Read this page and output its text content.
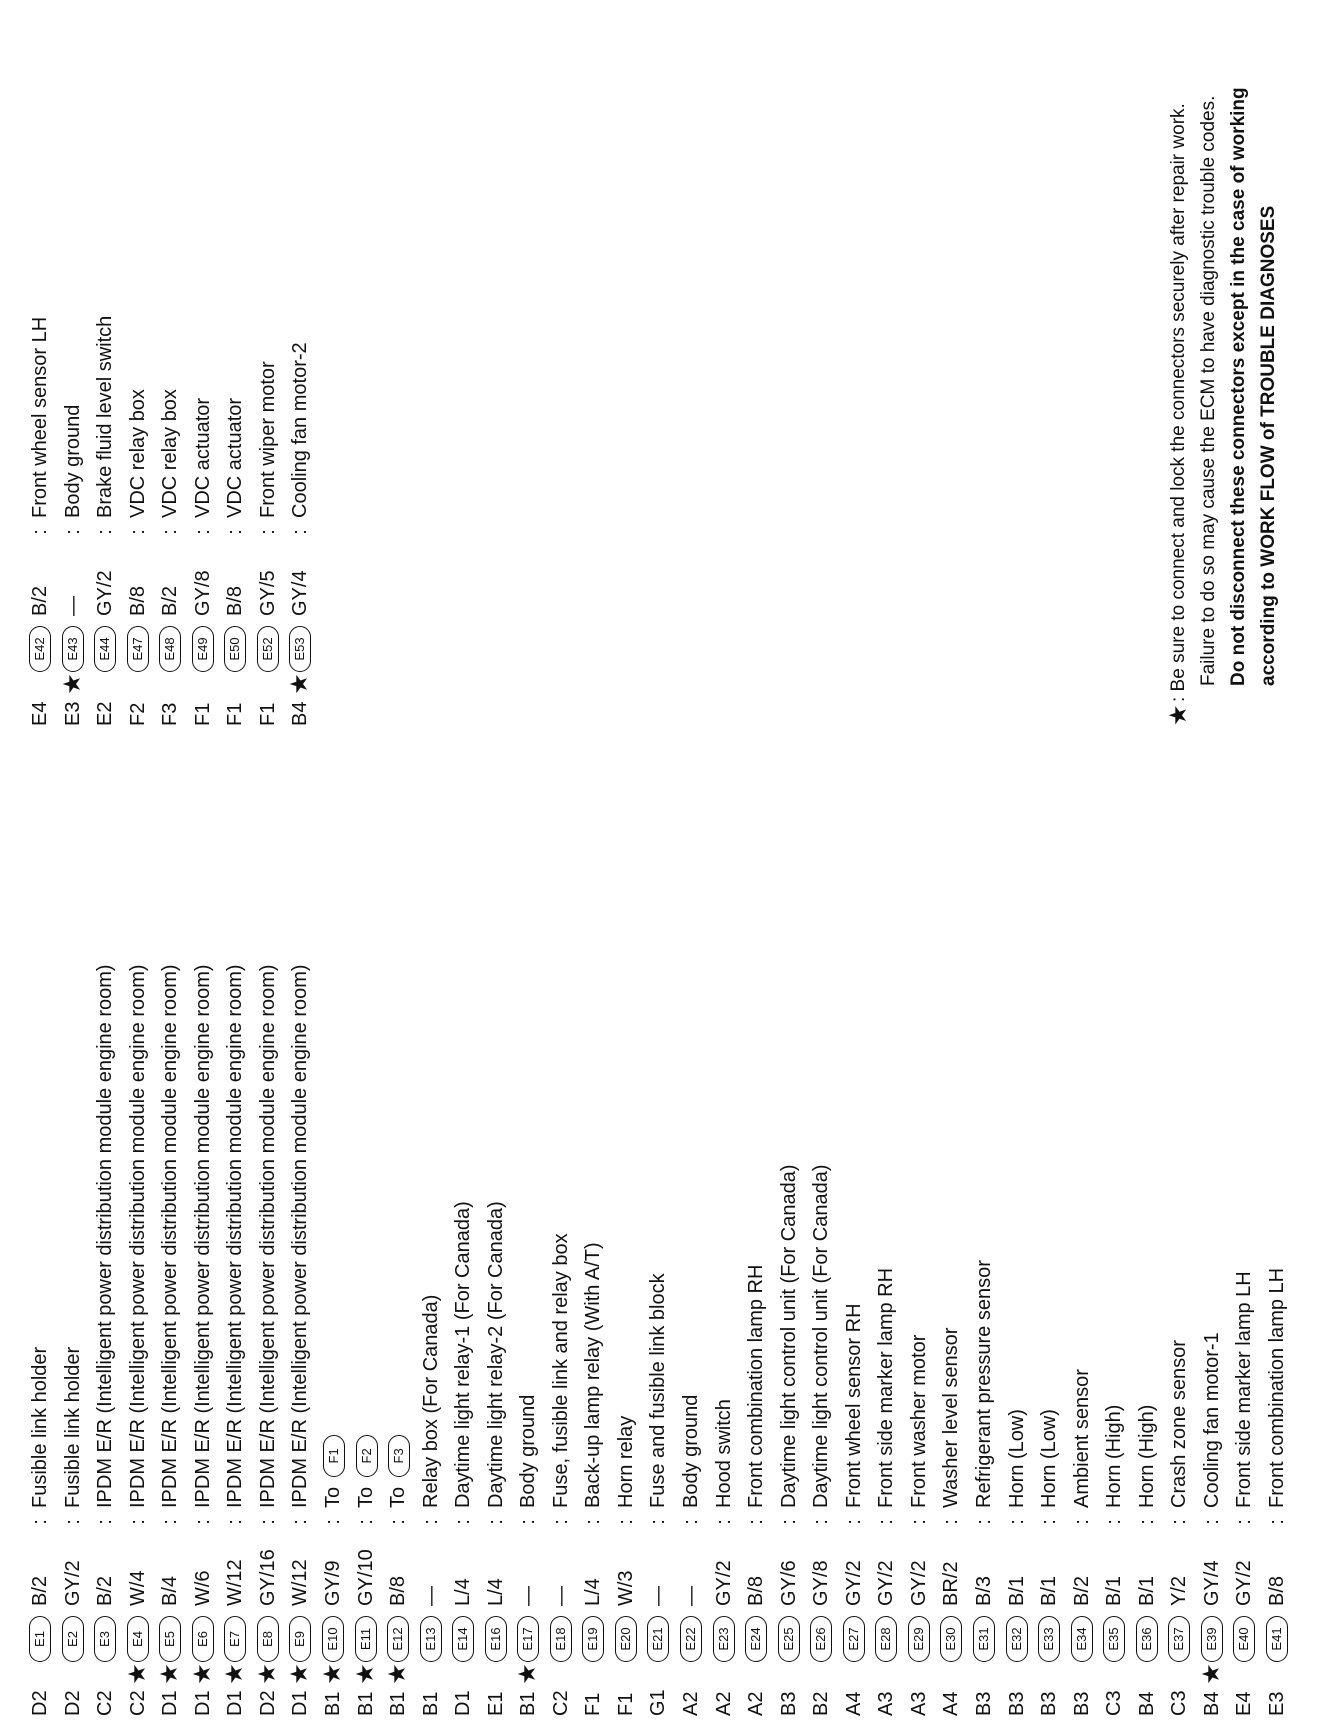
D2
E1
B/2
:
Fusible link holder
D2
E2
GY/2
:
Fusible link holder
C2
E3
B/2
:
IPDM E/R (Intelligent power distribution module engine room)
C2
★
E4
W/4
:
IPDM E/R (Intelligent power distribution module engine room)
D1
★
E5
B/4
:
IPDM E/R (Intelligent power distribution module engine room)
D1
★
E6
W/6
:
IPDM E/R (Intelligent power distribution module engine room)
D1
★
E7
W/12
:
IPDM E/R (Intelligent power distribution module engine room)
D2
★
E8
GY/16
:
IPDM E/R (Intelligent power distribution module engine room)
D1
★
E9
W/12
:
IPDM E/R (Intelligent power distribution module engine room)
B1
★
E10
GY/9
:
ToF1
B1
★
E11
GY/10
:
ToF2
B1
★
E12
B/8
:
ToF3
B1
E13
—
:
Relay box (For Canada)
D1
E14
L/4
:
Daytime light relay-1 (For Canada)
E1
E16
L/4
:
Daytime light relay-2 (For Canada)
B1
★
E17
—
:
Body ground
C2
E18
—
:
Fuse, fusible link and relay box
F1
E19
L/4
:
Back-up lamp relay (With A/T)
F1
E20
W/3
:
Horn relay
G1
E21
—
:
Fuse and fusible link block
A2
E22
—
:
Body ground
A2
E23
GY/2
:
Hood switch
A2
E24
B/8
:
Front combination lamp RH
B3
E25
GY/6
:
Daytime light control unit (For Canada)
B2
E26
GY/8
:
Daytime light control unit (For Canada)
A4
E27
GY/2
:
Front wheel sensor RH
A3
E28
GY/2
:
Front side marker lamp RH
A3
E29
GY/2
:
Front washer motor
A4
E30
BR/2
:
Washer level sensor
B3
E31
B/3
:
Refrigerant pressure sensor
B3
E32
B/1
:
Horn (Low)
B3
E33
B/1
:
Horn (Low)
B3
E34
B/2
:
Ambient sensor
C3
E35
B/1
:
Horn (High)
B4
E36
B/1
:
Horn (High)
C3
E37
Y/2
:
Crash zone sensor
B4
★
E39
GY/4
:
Cooling fan motor-1
E4
E40
GY/2
:
Front side marker lamp LH
E3
E41
B/8
:
Front combination lamp LH
E4
E42
B/2
:
Front wheel sensor LH
E3
★
E43
—
:
Body ground
E2
E44
GY/2
:
Brake fluid level switch
F2
E47
B/8
:
VDC relay box
F3
E48
B/2
:
VDC relay box
F1
E49
GY/8
:
VDC actuator
F1
E50
B/8
:
VDC actuator
F1
E52
GY/5
:
Front wiper motor
B4
★
E53
GY/4
:
Cooling fan motor-2
★
: Be sure to connect and lock the connectors securely after repair work. Failure to do so may cause the ECM to have diagnostic trouble codes. Do not disconnect these connectors except in the case of working according to WORK FLOW of TROUBLE DIAGNOSES
